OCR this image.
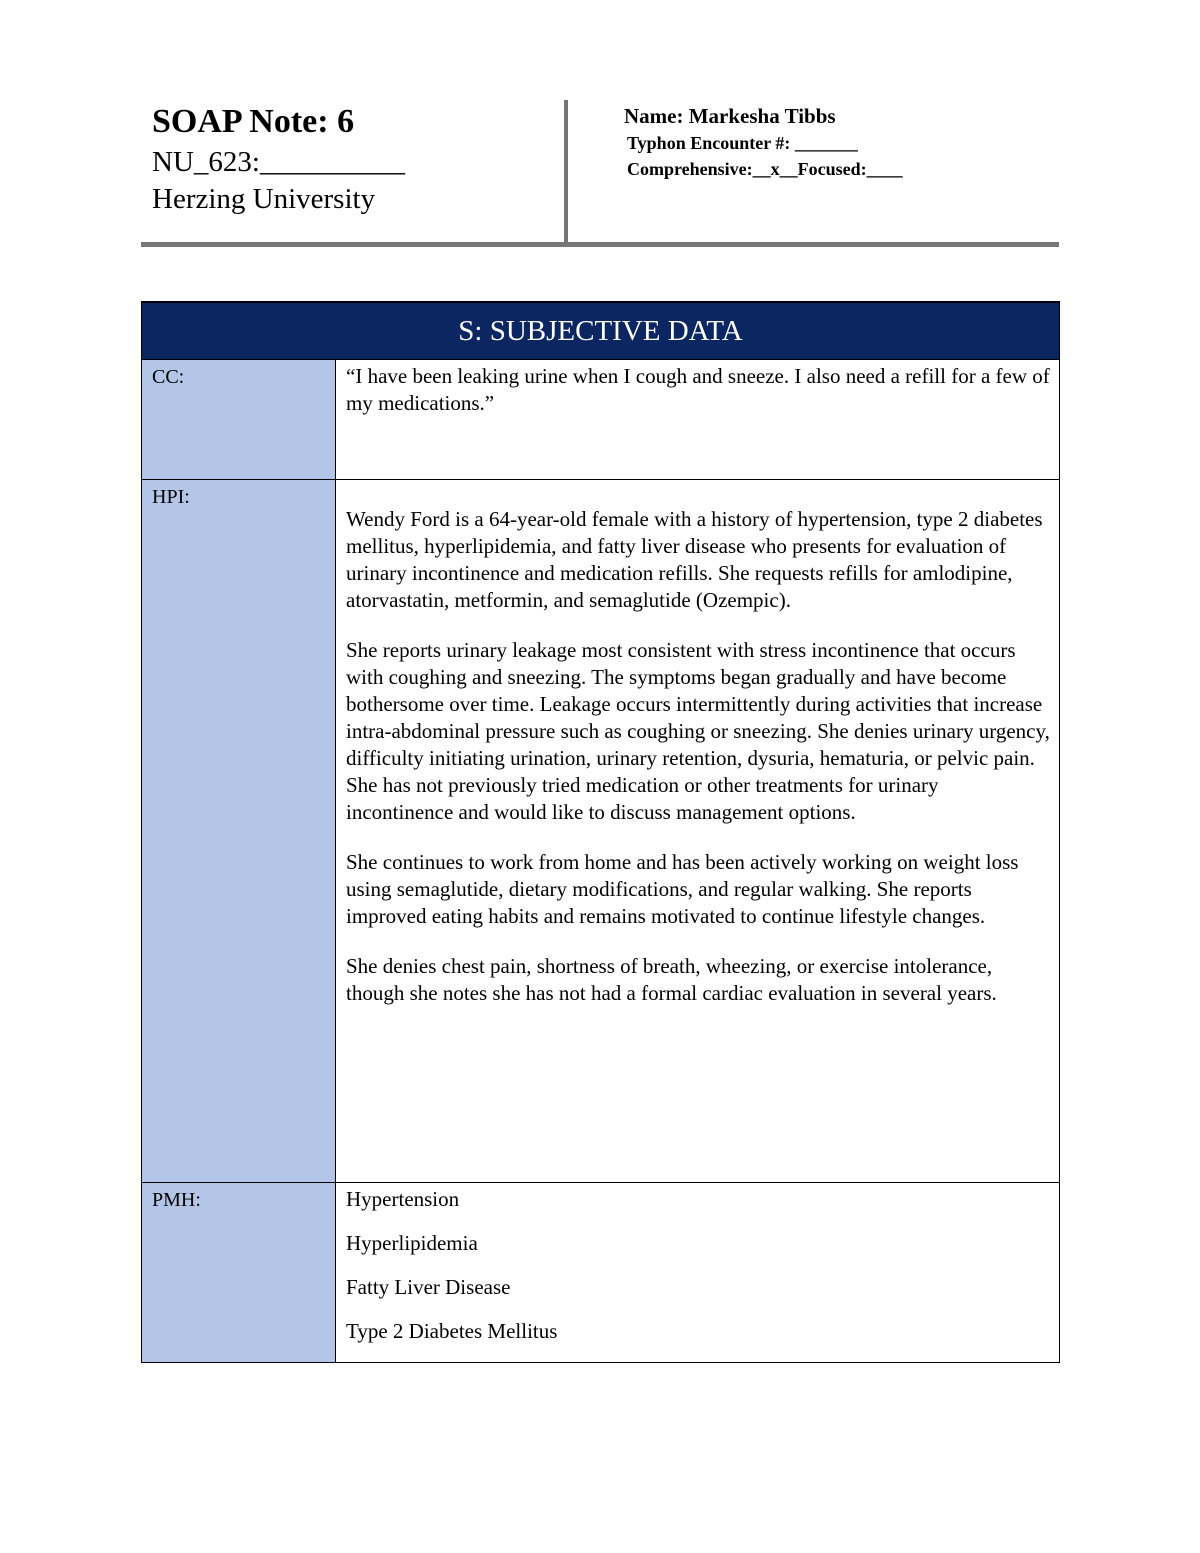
SOAP Note: 6
NU_623:__________
Herzing University
Name: Markesha Tibbs
Typhon Encounter #: _______
Comprehensive:__x__Focused:____
S: SUBJECTIVE DATA	
CC:	“I have been leaking urine when I cough and sneeze. I also need a refill for a few of my medications.”

HPI:	Wendy Ford is a 64-year-old female with a history of hypertension, type 2 diabetes mellitus, hyperlipidemia, and fatty liver disease who presents for evaluation of urinary incontinence and medication refills. She requests refills for amlodipine, atorvastatin, metformin, and semaglutide (Ozempic).

She reports urinary leakage most consistent with stress incontinence that occurs with coughing and sneezing. The symptoms began gradually and have become bothersome over time. Leakage occurs intermittently during activities that increase intra-abdominal pressure such as coughing or sneezing. She denies urinary urgency, difficulty initiating urination, urinary retention, dysuria, hematuria, or pelvic pain. She has not previously tried medication or other treatments for urinary incontinence and would like to discuss management options.

She continues to work from home and has been actively working on weight loss using semaglutide, dietary modifications, and regular walking. She reports improved eating habits and remains motivated to continue lifestyle changes.

She denies chest pain, shortness of breath, wheezing, or exercise intolerance, though she notes she has not had a formal cardiac evaluation in several years.

PMH:	Hypertension

Hyperlipidemia

Fatty Liver Disease

Type 2 Diabetes Mellitus
